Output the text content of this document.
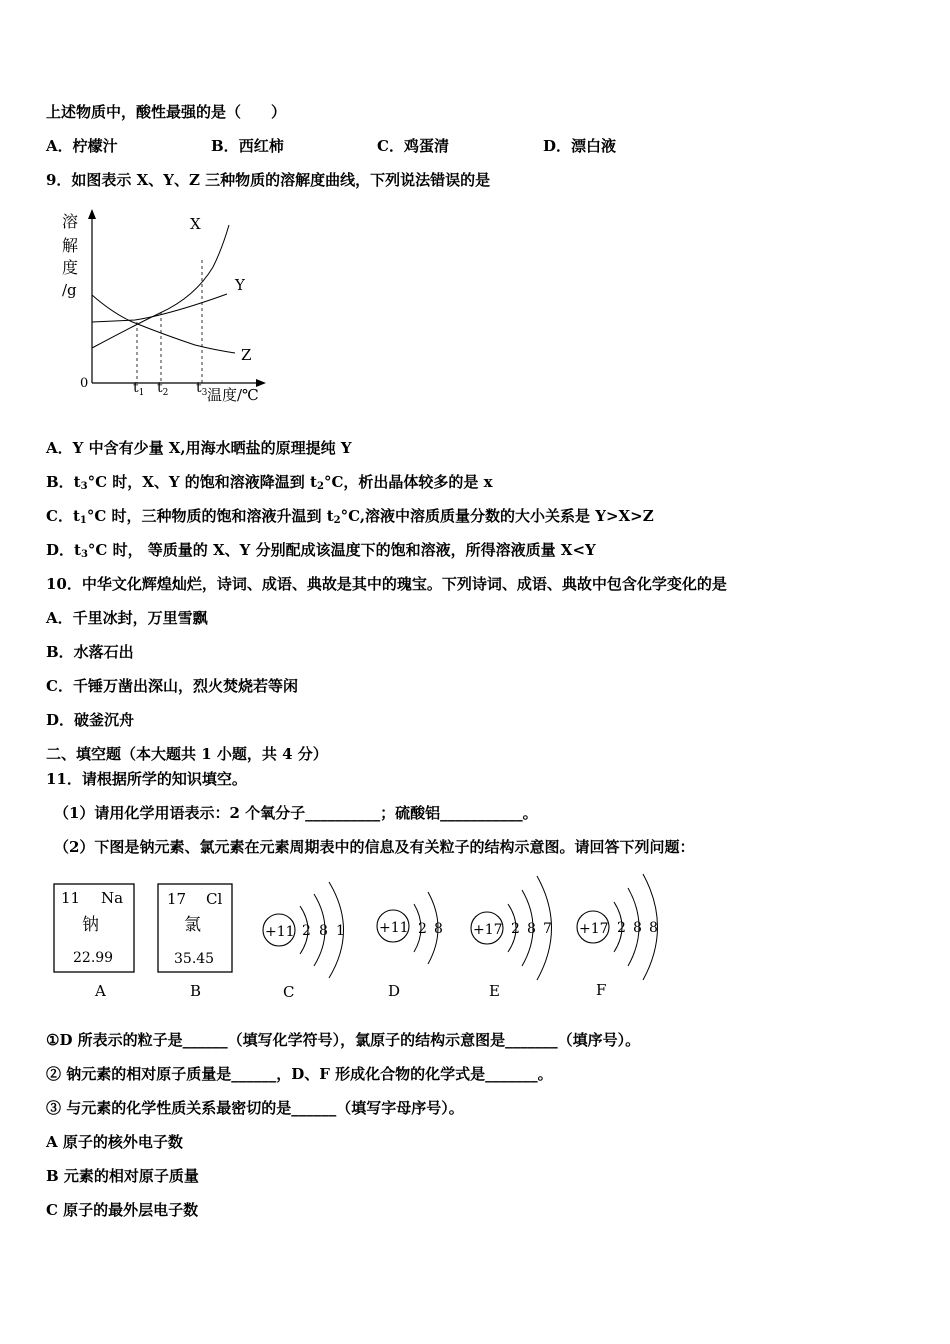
上述物质中，酸性最强的是（　　）
A．柠檬汁	B．西红柿	C．鸡蛋清	D．漂白液
9．如图表示 X、Y、Z 三种物质的溶解度曲线，下列说法错误的是
溶
解
度
/g
0
X
Y
Z
$t_1$ $t_2$ $t_3$ 温度/℃
A．Y 中含有少量 X,用海水晒盐的原理提纯 Y
B．$t_3^\circ C$ 时，X、Y 的饱和溶液降温到 $t_2^\circ C$，析出晶体较多的是 x
C．$t_1^\circ C$ 时，三种物质的饱和溶液升温到 $t_2^\circ C$,溶液中溶质质量分数的大小关系是 Y>X>Z
D．$t_3^\circ C$ 时， 等质量的 X、Y 分别配成该温度下的饱和溶液，所得溶液质量 X<Y
10．中华文化辉煌灿烂，诗词、成语、典故是其中的瑰宝。下列诗词、成语、典故中包含化学变化的是
A．千里冰封，万里雪飘
B．水落石出
C．千锤万凿出深山，烈火焚烧若等闲
D．破釜沉舟
二、填空题（本大题共 1 小题，共 4 分）
11．请根据所学的知识填空。
（1）请用化学用语表示：2 个氧分子__________；硫酸铝___________。
（2）下图是钠元素、氯元素在元素周期表中的信息及有关粒子的结构示意图。请回答下列问题：
11 Na
钠
22.99
A
17 Cl
氯
35.45
B
+11 2 8 1
C
+11 2 8
D
+17 2 8 7
E
+17 2 8 8
F
①D 所表示的粒子是______（填写化学符号），氯原子的结构示意图是_______（填序号）。
② 钠元素的相对原子质量是______，D、F 形成化合物的化学式是_______。
③ 与元素的化学性质关系最密切的是______（填写字母序号）。
A 原子的核外电子数
B 元素的相对原子质量
C 原子的最外层电子数
